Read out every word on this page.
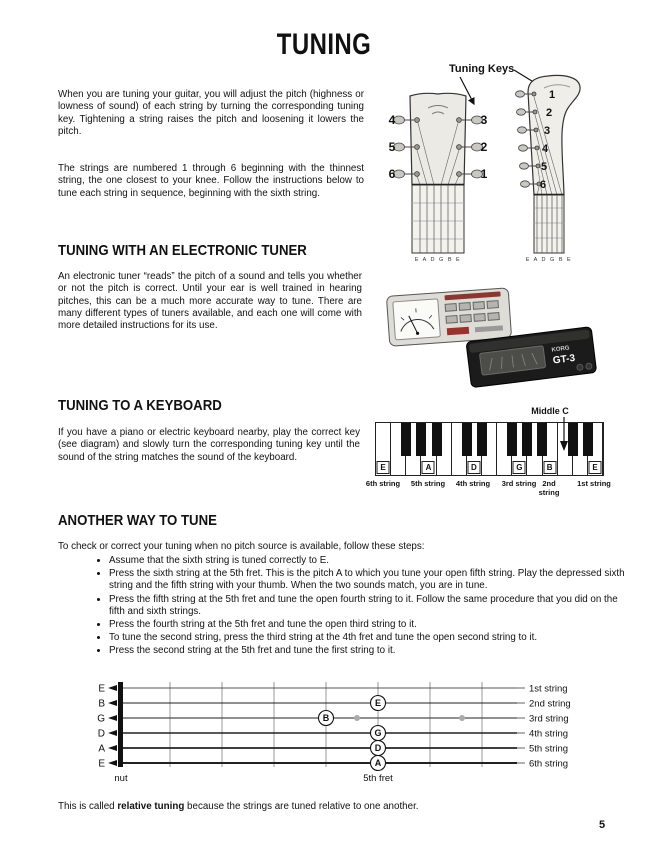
TUNING

When you are tuning your guitar, you will adjust the pitch (highness or lowness of sound) of each string by turning the corresponding tuning key. Tightening a string raises the pitch and loosening it lowers the pitch.

The strings are numbered 1 through 6 beginning with the thinnest string, the one closest to your knee. Follow the instructions below to tune each string in sequence, beginning with the sixth string.

Tuning Keys
E A D G B E
4
5
6
3
2
1
E A D G B E
1
2
3
4
5
6
TUNING WITH AN ELECTRONIC TUNER

An electronic tuner “reads” the pitch of a sound and tells you whether or not the pitch is correct. Until your ear is well trained in hearing pitches, this can be a much more accurate way to tune. There are many different types of tuners available, and each one will come with more detailed instructions for its use.

KORG
GT-3
TUNING TO A KEYBOARD

If you have a piano or electric keyboard nearby, play the correct key (see diagram) and slowly turn the corresponding tuning key until the sound of the string matches the sound of the keyboard.

Middle C
E	A	D	G	B	E
6th string 5th string 4th string 3rd string 2nd string
1st string
ANOTHER WAY TO TUNE

To check or correct your tuning when no pitch source is available, follow these steps:

• Assume that the sixth string is tuned correctly to E.
• Press the sixth string at the 5th fret. This is the pitch A to which you tune your open fifth string. Play the depressed sixth string and the fifth string with your thumb. When the two sounds match, you are in tune.
• Press the fifth string at the 5th fret and tune the open fourth string to it. Follow the same procedure that you did on the fifth and sixth strings.
• Press the fourth string at the 5th fret and tune the open third string to it.
• To tune the second string, press the third string at the 4th fret and tune the open second string to it.
• Press the second string at the 5th fret and tune the first string to it.
E
B
G
D
A
E
E
B
G
D
A
1st string
2nd string
3rd string
4th string
5th string
6th string
nut	5th fret

This is called relative tuning because the strings are tuned relative to one another.

5
